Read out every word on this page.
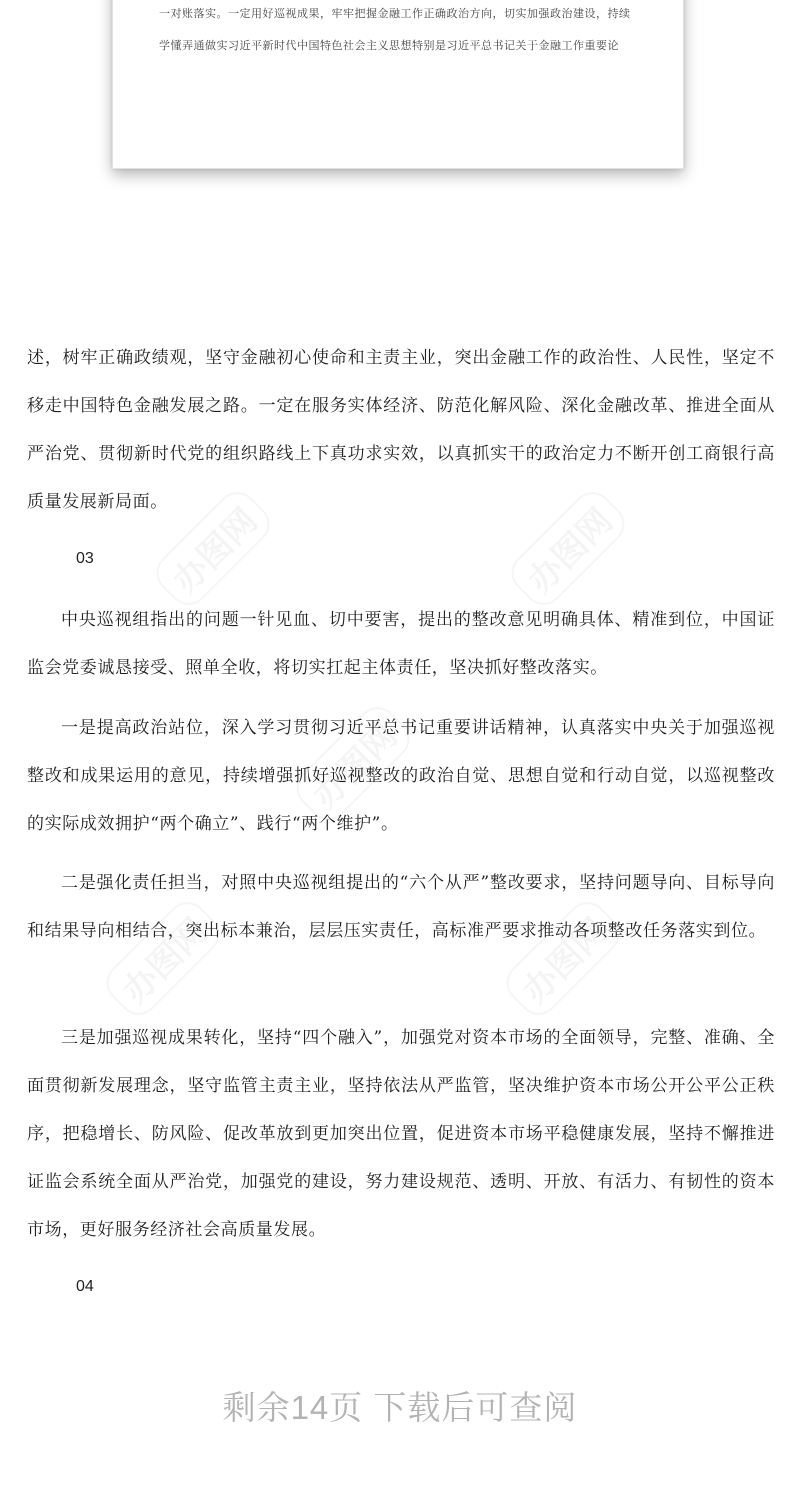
一对账落实。一定用好巡视成果，牢牢把握金融工作正确政治方向，切实加强政治建设，持续
学懂弄通做实习近平新时代中国特色社会主义思想特别是习近平总书记关于金融工作重要论
述，树牢正确政绩观，坚守金融初心使命和主责主业，突出金融工作的政治性、人民性，坚定不移走中国特色金融发展之路。一定在服务实体经济、防范化解风险、深化金融改革、推进全面从严治党、贯彻新时代党的组织路线上下真功求实效，以真抓实干的政治定力不断开创工商银行高质量发展新局面。
03
中央巡视组指出的问题一针见血、切中要害，提出的整改意见明确具体、精准到位，中国证监会党委诚恳接受、照单全收，将切实扛起主体责任，坚决抓好整改落实。
一是提高政治站位，深入学习贯彻习近平总书记重要讲话精神，认真落实中央关于加强巡视整改和成果运用的意见，持续增强抓好巡视整改的政治自觉、思想自觉和行动自觉，以巡视整改的实际成效拥护“两个确立”、践行“两个维护”。
二是强化责任担当，对照中央巡视组提出的“六个从严”整改要求，坚持问题导向、目标导向和结果导向相结合，突出标本兼治，层层压实责任，高标准严要求推动各项整改任务落实到位。
三是加强巡视成果转化，坚持“四个融入”，加强党对资本市场的全面领导，完整、准确、全面贯彻新发展理念，坚守监管主责主业，坚持依法从严监管，坚决维护资本市场公开公平公正秩序，把稳增长、防风险、促改革放到更加突出位置，促进资本市场平稳健康发展，坚持不懈推进证监会系统全面从严治党，加强党的建设，努力建设规范、透明、开放、有活力、有韧性的资本市场，更好服务经济社会高质量发展。
04
剩余14页 下载后可查阅
